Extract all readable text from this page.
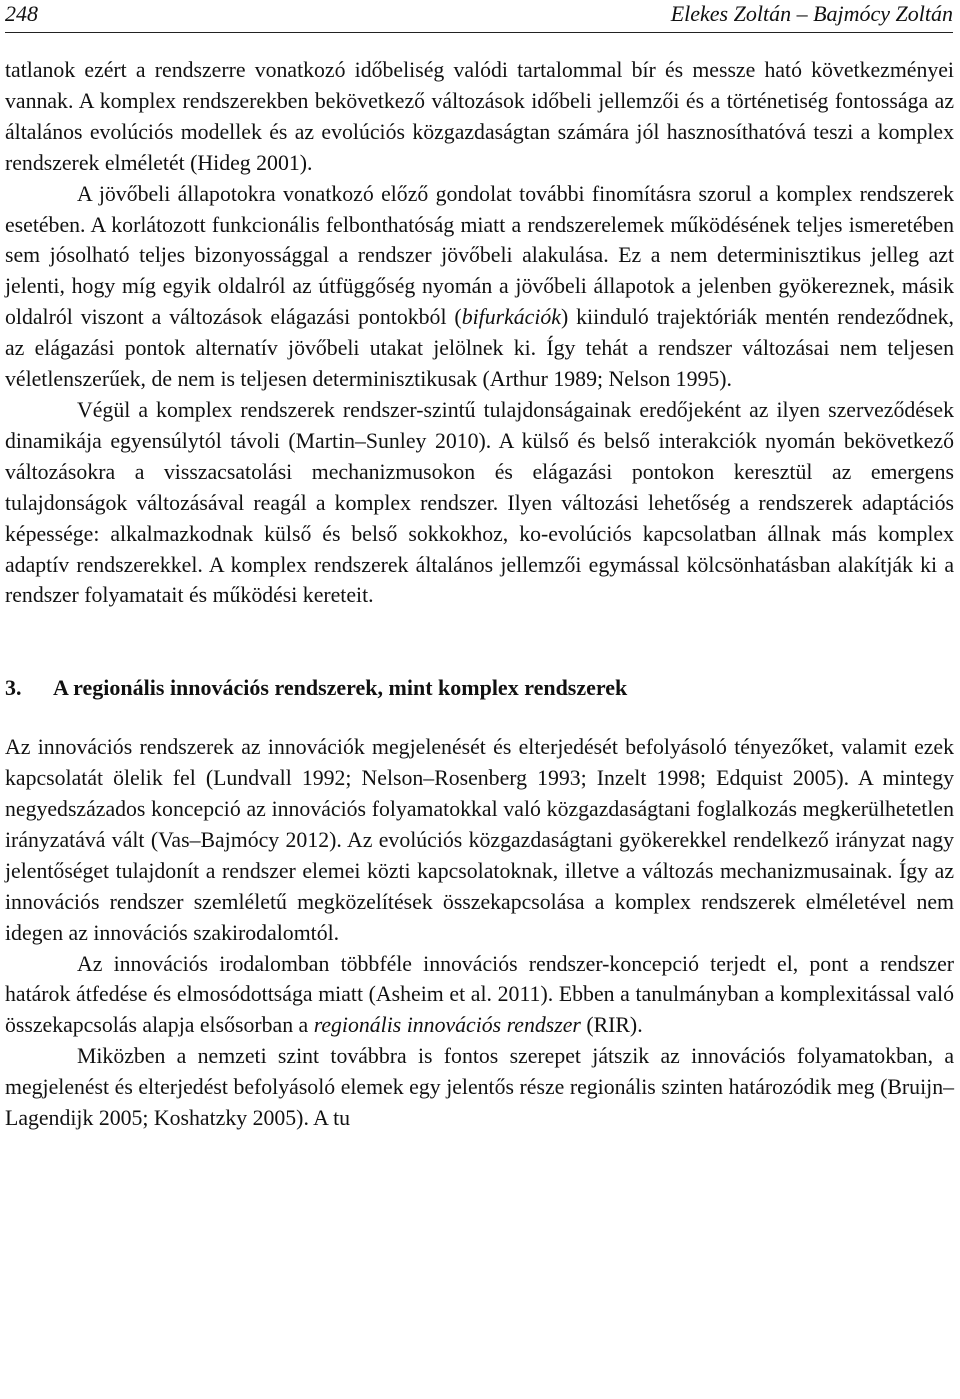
248	Elekes Zoltán – Bajmócy Zoltán

tatlanok ezért a rendszerre vonatkozó időbeliség valódi tartalommal bír és messze ható következményei vannak. A komplex rendszerekben bekövetkező változások időbeli jellemzői és a történetiség fontossága az általános evolúciós modellek és az evolúciós közgazdaságtan számára jól hasznosíthatóvá teszi a komplex rendszerek elméletét (Hideg 2001).

A jövőbeli állapotokra vonatkozó előző gondolat további finomításra szorul a komplex rendszerek esetében. A korlátozott funkcionális felbonthatóság miatt a rendszerelemek működésének teljes ismeretében sem jósolható teljes bizonyossággal a rendszer jövőbeli alakulása. Ez a nem determinisztikus jelleg azt jelenti, hogy míg egyik oldalról az útfüggőség nyomán a jövőbeli állapotok a jelenben gyökereznek, másik oldalról viszont a változások elágazási pontokból (bifurkációk) kiinduló trajektóriák mentén rendeződnek, az elágazási pontok alternatív jövőbeli utakat jelölnek ki. Így tehát a rendszer változásai nem teljesen véletlenszerűek, de nem is teljesen determinisztikusak (Arthur 1989; Nelson 1995).

Végül a komplex rendszerek rendszer-szintű tulajdonságainak eredőjeként az ilyen szerveződések dinamikája egyensúlytól távoli (Martin–Sunley 2010). A külső és belső interakciók nyomán bekövetkező változásokra a visszacsatolási mechanizmusokon és elágazási pontokon keresztül az emergens tulajdonságok változásával reagál a komplex rendszer. Ilyen változási lehetőség a rendszerek adaptációs képessége: alkalmazkodnak külső és belső sokkokhoz, ko-evolúciós kapcsolatban állnak más komplex adaptív rendszerekkel. A komplex rendszerek általános jellemzői egymással kölcsönhatásban alakítják ki a rendszer folyamatait és működési kereteit.

3. A regionális innovációs rendszerek, mint komplex rendszerek

Az innovációs rendszerek az innovációk megjelenését és elterjedését befolyásoló tényezőket, valamit ezek kapcsolatát ölelik fel (Lundvall 1992; Nelson–Rosenberg 1993; Inzelt 1998; Edquist 2005). A mintegy negyedszázados koncepció az innovációs folyamatokkal való közgazdaságtani foglalkozás megkerülhetetlen irányzatává vált (Vas–Bajmócy 2012). Az evolúciós közgazdaságtani gyökerekkel rendelkező irányzat nagy jelentőséget tulajdonít a rendszer elemei közti kapcsolatoknak, illetve a változás mechanizmusainak. Így az innovációs rendszer szemléletű megközelítések összekapcsolása a komplex rendszerek elméletével nem idegen az innovációs szakirodalomtól.

Az innovációs irodalomban többféle innovációs rendszer-koncepció terjedt el, pont a rendszer határok átfedése és elmosódottsága miatt (Asheim et al. 2011). Ebben a tanulmányban a komplexitással való összekapcsolás alapja elsősorban a regionális innovációs rendszer (RIR).

Miközben a nemzeti szint továbbra is fontos szerepet játszik az innovációs folyamatokban, a megjelenést és elterjedést befolyásoló elemek egy jelentős része regionális szinten határozódik meg (Bruijn–Lagendijk 2005; Koshatzky 2005). A tu
